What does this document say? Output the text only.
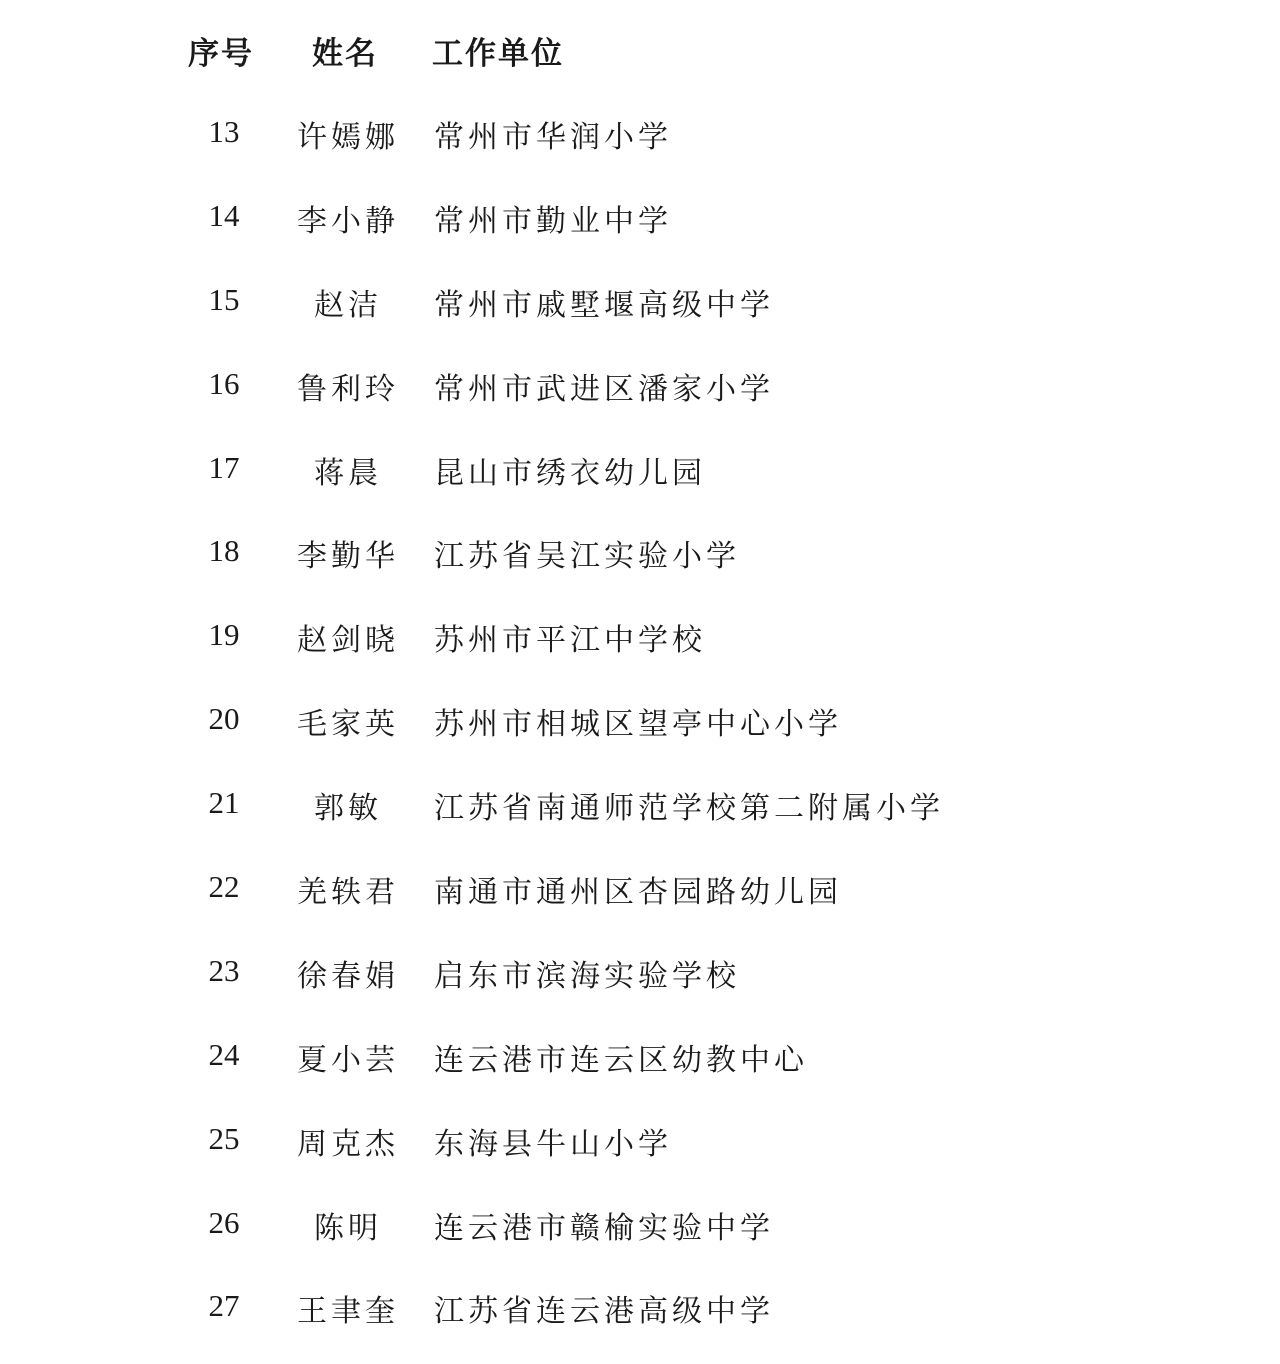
序号 姓名 工作单位
13	许嫣娜 常州市华润小学
14	李小静 常州市勤业中学
15	赵洁	常州市戚墅堰高级中学
16	鲁利玲 常州市武进区潘家小学
17	蒋晨	昆山市绣衣幼儿园
18	李勤华 江苏省吴江实验小学
19	赵剑晓 苏州市平江中学校
20	毛家英 苏州市相城区望亭中心小学
21	郭敏	江苏省南通师范学校第二附属小学
22	羌轶君 南通市通州区杏园路幼儿园
23	徐春娟 启东市滨海实验学校
24	夏小芸 连云港市连云区幼教中心
25	周克杰 东海县牛山小学
26	陈明	连云港市赣榆实验中学
27	王聿奎 江苏省连云港高级中学
